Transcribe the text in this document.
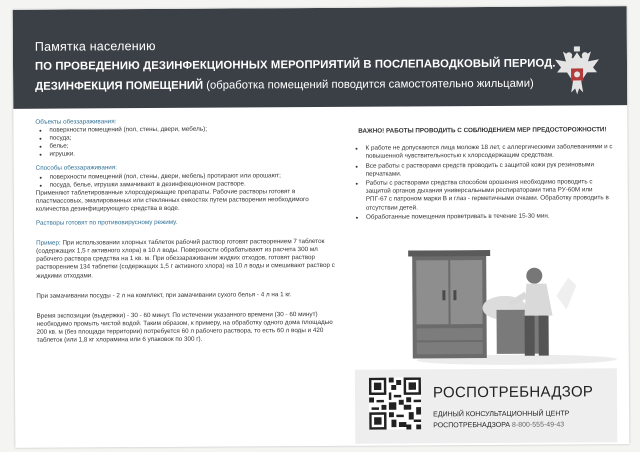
Памятка населению
ПО ПРОВЕДЕНИЮ ДЕЗИНФЕКЦИОННЫХ МЕРОПРИЯТИЙ В ПОСЛЕПАВОДКОВЫЙ ПЕРИОД.
ДЕЗИНФЕКЦИЯ ПОМЕЩЕНИЙ (обработка помещений поводится самостоятельно жильцами)
Объекты обеззараживания:
• поверхности помещений (пол, стены, двери, мебель);
• посуда;
• белье;
• игрушки.
Способы обеззараживания:
• поверхности помещений (пол, стены, двери, мебель) протирают или орошают;
• посуда, белье, игрушки замачивают в дезинфекционном растворе.

Применяют таблетированные хлорсодержащие препараты. Рабочие растворы готовят в пластмассовых, эмалированных или стеклянных емкостях путем растворения необходимого количества дезинфицирующего средства в воде.

Растворы готовят по противовирусному режиму.

Пример: При использовании хлорных таблеток рабочий раствор готовят растворением 7 таблеток (содержащих 1,5 г активного хлора) в 10 л воды. Поверхности обрабатывают из расчета 300 мл рабочего раствора средства на 1 кв. м. При обеззараживании жидких отходов, готовят раствор растворением 134 таблетки (содержащих 1,5 г активного хлора) на 10 л воды и смешивают раствор с жидкими отходами.

При замачивании посуды - 2 л на комплект, при замачивании сухого белья - 4 л на 1 кг.

Время экспозиции (выдержки) - 30 - 60 минут. По истечении указанного времени (30 - 60 минут) необходимо промыть чистой водой. Таким образом, к примеру, на обработку одного дома площадью 200 кв. м (без площади территории) потребуется 60 л рабочего раствора, то есть 60 л воды и 420 таблеток (или 1,8 кг хлорамина или 6 упаковок по 300 г).

ВАЖНО! РАБОТЫ ПРОВОДИТЬ С СОБЛЮДЕНИЕМ МЕР ПРЕДОСТОРОЖНОСТИ!
• К работе не допускаются лица моложе 18 лет, с аллергическими заболеваниями и с повышенной чувствительностью к хлорсодержащим средствам.
• Все работы с растворами средств проводить с защитой кожи рук резиновыми перчатками.
• Работы с растворами средства способом орошения необходимо проводить с защитой органов дыхания универсальными респираторами типа РУ-60М или РПГ-67 с патроном марки В и глаз - герметичными очками. Обработку проводить в отсутствии детей.
• Обработанные помещения проветривать в течение 15-30 мин.
РОСПОТРЕБНАДЗОР
ЕДИНЫЙ КОНСУЛЬТАЦИОННЫЙ ЦЕНТР
РОСПОТРЕБНАДЗОРА 8-800-555-49-43
